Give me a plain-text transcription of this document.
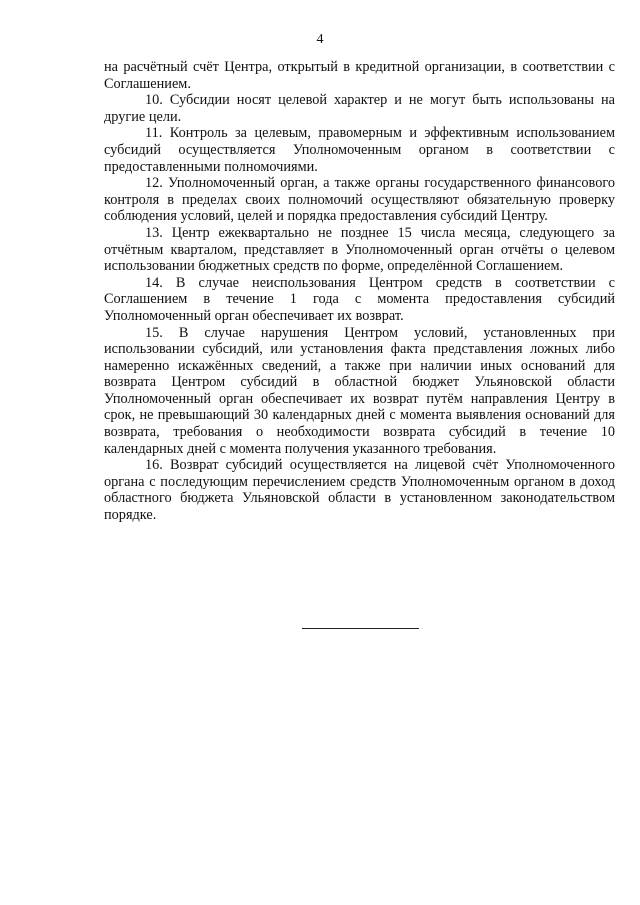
4

на расчётный счёт Центра, открытый в кредитной организации, в соответствии с Соглашением.

10. Субсидии носят целевой характер и не могут быть использованы на другие цели.

11. Контроль за целевым, правомерным и эффективным использованием субсидий осуществляется Уполномоченным органом в соответствии с предоставленными полномочиями.

12. Уполномоченный орган, а также органы государственного финансового контроля в пределах своих полномочий осуществляют обязательную проверку соблюдения условий, целей и порядка предоставления субсидий Центру.

13. Центр ежеквартально не позднее 15 числа месяца, следующего за отчётным кварталом, представляет в Уполномоченный орган отчёты о целевом использовании бюджетных средств по форме, определённой Соглашением.

14. В случае неиспользования Центром средств в соответствии с Соглашением в течение 1 года с момента предоставления субсидий Уполномоченный орган обеспечивает их возврат.

15. В случае нарушения Центром условий, установленных при использовании субсидий, или установления факта представления ложных либо намеренно искажённых сведений, а также при наличии иных оснований для возврата Центром субсидий в областной бюджет Ульяновской области Уполномоченный орган обеспечивает их возврат путём направления Центру в срок, не превышающий 30 календарных дней с момента выявления оснований для возврата, требования о необходимости возврата субсидий в течение 10 календарных дней с момента получения указанного требования.

16. Возврат субсидий осуществляется на лицевой счёт Уполномоченного органа с последующим перечислением средств Уполномоченным органом в доход областного бюджета Ульяновской области в установленном законодательством порядке.
